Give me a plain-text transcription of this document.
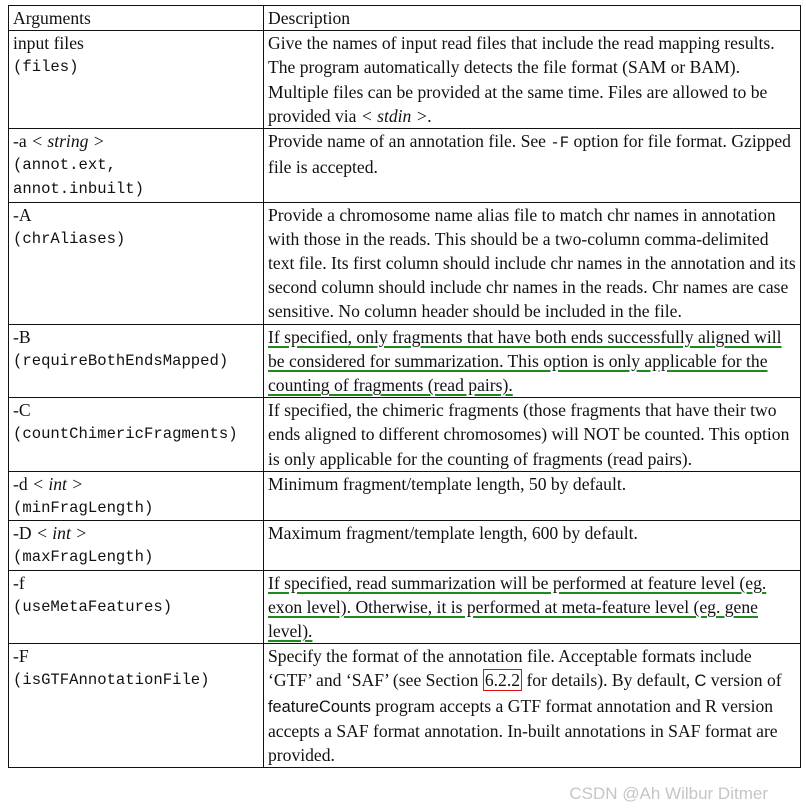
Arguments	Description

input files
(files)	Give the names of input read files that include the read mapping results. The program automatically detects the file format (SAM or BAM). Multiple files can be provided at the same time. Files are allowed to be provided via < stdin >.

-a < string >
(annot.ext,
annot.inbuilt)	Provide name of an annotation file. See -F option for file format. Gzipped file is accepted.

-A
(chrAliases)	Provide a chromosome name alias file to match chr names in annotation with those in the reads. This should be a two-column comma-delimited text file. Its first column should include chr names in the annotation and its second column should include chr names in the reads. Chr names are case sensitive. No column header should be included in the file.

-B
(requireBothEndsMapped)	If specified, only fragments that have both ends successfully aligned will be considered for summarization. This option is only applicable for the counting of fragments (read pairs).

-C
(countChimericFragments)	If specified, the chimeric fragments (those fragments that have their two ends aligned to different chromosomes) will NOT be counted. This option is only applicable for the counting of fragments (read pairs).

-d < int >
(minFragLength)	Minimum fragment/template length, 50 by default.

-D < int >
(maxFragLength)	Maximum fragment/template length, 600 by default.

-f
(useMetaFeatures)	If specified, read summarization will be performed at feature level (eg. exon level). Otherwise, it is performed at meta-feature level (eg. gene level).

-F
(isGTFAnnotationFile)	Specify the format of the annotation file. Acceptable formats include ‘GTF’ and ‘SAF’ (see Section 6.2.2 for details). By default, C version of featureCounts program accepts a GTF format annotation and R version accepts a SAF format annotation. In-built annotations in SAF format are provided.
CSDN @Ah Wilbur Ditmer
